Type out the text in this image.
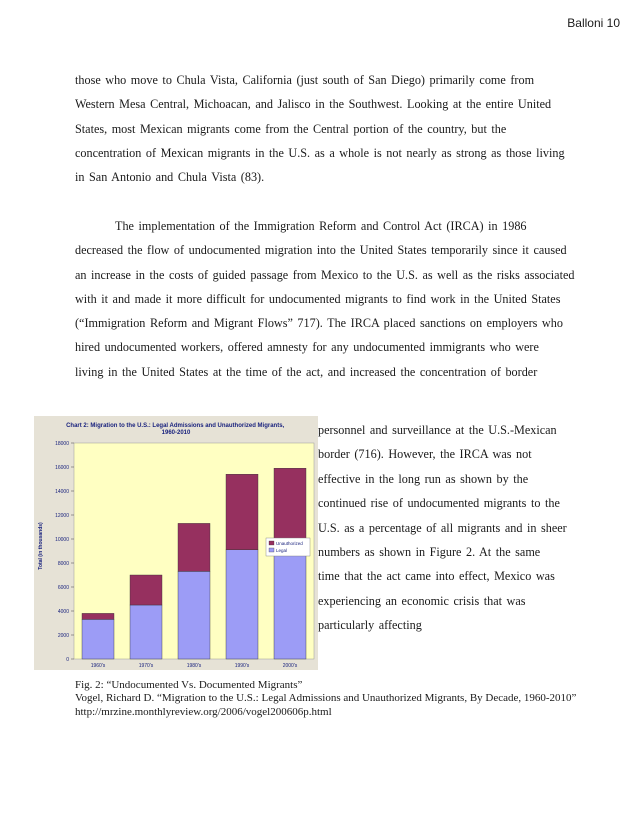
Balloni 10
those who move to Chula Vista, California (just south of San Diego) primarily come from
Western Mesa Central, Michoacan, and Jalisco in the Southwest. Looking at the entire United
States, most Mexican migrants come from the Central portion of the country, but the
concentration of Mexican migrants in the U.S. as a whole is not nearly as strong as those living
in San Antonio and Chula Vista (83).
The implementation of the Immigration Reform and Control Act (IRCA) in 1986
decreased the flow of undocumented migration into the United States temporarily since it caused
an increase in the costs of guided passage from Mexico to the U.S. as well as the risks associated
with it and made it more difficult for undocumented migrants to find work in the United States
(“Immigration Reform and Migrant Flows” 717). The IRCA placed sanctions on employers who
hired undocumented workers, offered amnesty for any undocumented immigrants who were
living in the United States at the time of the act, and increased the concentration of border
personnel and surveillance at the U.S.-Mexican
border (716). However, the IRCA was not
effective in the long run as shown by the
continued rise of undocumented migrants to the
U.S. as a percentage of all migrants and in sheer
numbers as shown in Figure 2. At the same
time that the act came into effect, Mexico was
experiencing an economic crisis that was
particularly affecting
Chart 2: Migration to the U.S.: Legal Admissions and Unauthorized Migrants, 1960-2010
0
2000
4000
6000
8000
10000
12000
14000
16000
18000
1960's	1970's	1980's	1990's	2000's
Total (in thousands)	Unauthorized
Legal
Fig. 2: “Undocumented Vs. Documented Migrants”
Vogel, Richard D. “Migration to the U.S.: Legal Admissions and Unauthorized Migrants, By Decade, 1960-2010”
http://mrzine.monthlyreview.org/2006/vogel200606p.html
